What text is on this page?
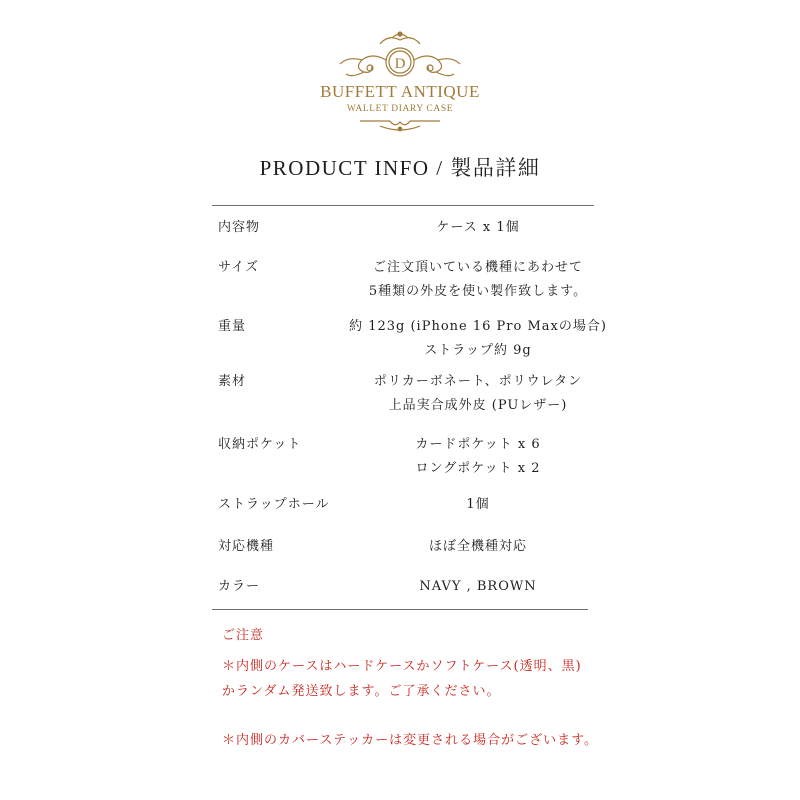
D
BUFFETT ANTIQUE
WALLET DIARY CASE
PRODUCT INFO / 製品詳細
内容物	ケース x 1個
サイズ	ご注文頂いている機種にあわせて
5種類の外皮を使い製作致します。
重量	約 123g (iPhone 16 Pro Maxの場合)
ストラップ約 9g
素材	ポリカーボネート、ポリウレタン
上品実合成外皮 (PUレザー)
収納ポケット	カードポケット x 6
ロングポケット x 2
ストラップホール	1個
対応機種	ほぼ全機種対応
カラー	NAVY , BROWN
ご注意
＊内側のケースはハードケースかソフトケース(透明、黒)
かランダム発送致します。ご了承ください。
＊内側のカバーステッカーは変更される場合がございます。
